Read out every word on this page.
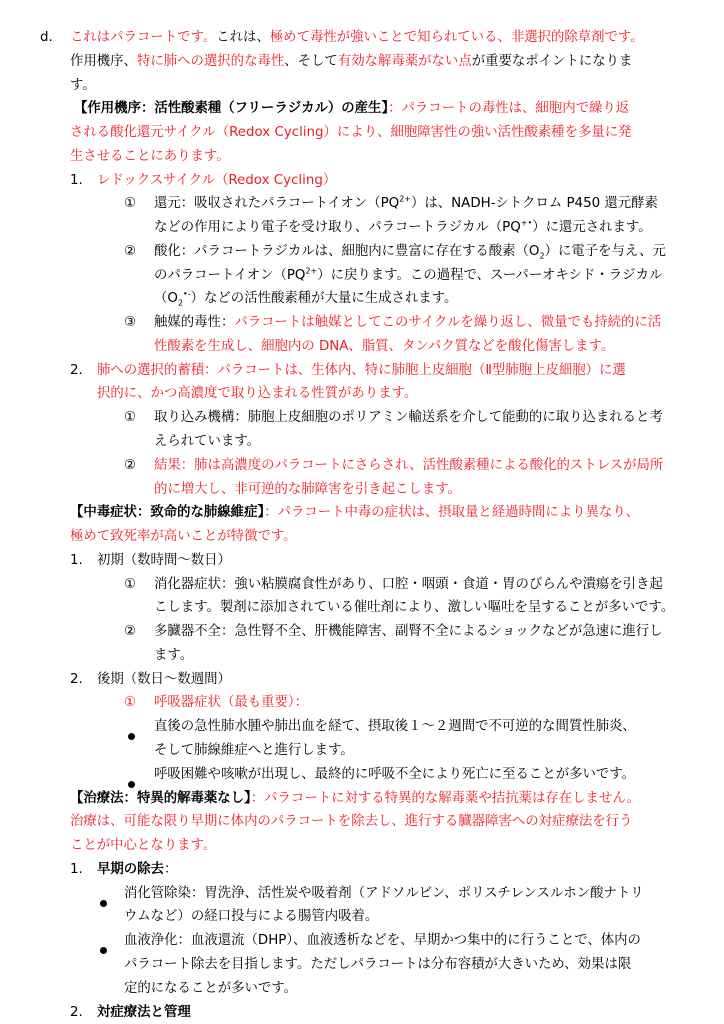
d. これはパラコートです。これは、極めて毒性が強いことで知られている、非選択的除草剤です。
作用機序、特に肺への選択的な毒性、そして有効な解毒薬がない点が重要なポイントになりま
す。
【作用機序：活性酸素種（フリーラジカル）の産生】：パラコートの毒性は、細胞内で繰り返
される酸化還元サイクル（Redox Cycling）により、細胞障害性の強い活性酸素種を多量に発
生させることにあります。
1. レドックスサイクル（Redox Cycling）
① 還元：吸収されたパラコートイオン$(PQ^{2+})$は、NADH-シトクロム P450 還元酵素
などの作用により電子を受け取り、パラコートラジカル（PQ+•）に還元されます。
② 酸化：パラコートラジカルは、細胞内に豊富に存在する酸素$(O_2)$に電子を与え、元
のパラコートイオン$(PQ^{2+})$に戻ります。この過程で、スーパーオキシド・ラジカル
$(O_2^{•-})$などの活性酸素種が大量に生成されます。
③ 触媒的毒性：パラコートは触媒としてこのサイクルを繰り返し、微量でも持続的に活
性酸素を生成し、細胞内の DNA、脂質、タンパク質などを酸化傷害します。
2. 肺への選択的蓄積：パラコートは、生体内、特に肺胞上皮細胞（Ⅱ型肺胞上皮細胞）に選
択的に、かつ高濃度で取り込まれる性質があります。
① 取り込み機構：肺胞上皮細胞のポリアミン輸送系を介して能動的に取り込まれると考
えられています。
② 結果：肺は高濃度のパラコートにさらされ、活性酸素種による酸化的ストレスが局所
的に増大し、非可逆的な肺障害を引き起こします。
【中毒症状：致命的な肺線維症】：パラコート中毒の症状は、摂取量と経過時間により異なり、
極めて致死率が高いことが特徴です。
1. 初期（数時間～数日）
① 消化器症状：強い粘膜腐食性があり、口腔・咽頭・食道・胃のびらんや潰瘍を引き起
こします。製剤に添加されている催吐剤により、激しい嘔吐を呈することが多いです。
② 多臓器不全：急性腎不全、肝機能障害、副腎不全によるショックなどが急速に進行し
ます。
2. 後期（数日～数週間）
① 呼吸器症状（最も重要）：
直後の急性肺水腫や肺出血を経て、摂取後１～２週間で不可逆的な間質性肺炎、
そして肺線維症へと進行します。
呼吸困難や咳嗽が出現し、最終的に呼吸不全により死亡に至ることが多いです。
【治療法：特異的解毒薬なし】：パラコートに対する特異的な解毒薬や拮抗薬は存在しません。
治療は、可能な限り早期に体内のパラコートを除去し、進行する臓器障害への対症療法を行う
ことが中心となります。
1. 早期の除去：
消化管除染：胃洗浄、活性炭や吸着剤（アドソルビン、ポリスチレンスルホン酸ナトリ
ウムなど）の経口投与による腸管内吸着。
血液浄化：血液還流（DHP）、血液透析などを、早期かつ集中的に行うことで、体内の
パラコート除去を目指します。ただしパラコートは分布容積が大きいため、効果は限
定的になることが多いです。
2. 対症療法と管理
